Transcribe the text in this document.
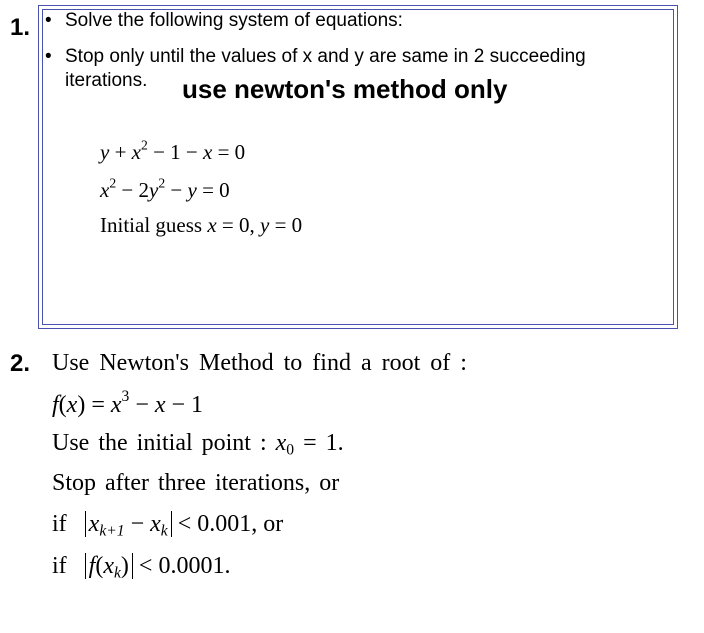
1. • Solve the following system of equations:
• Stop only until the values of x and y are same in 2 succeeding iterations.	use newton's method only
$y + x^2 - 1 - x = 0$
$x^2 - 2y^2 - y = 0$
Initial guess x = 0, y = 0
2. Use Newton's Method to find a root of :
$f(x) = x^3 - x - 1$
Use the initial point : $x_0 = 1$.
Stop after three iterations, or
if $x_{k+1} - x_k < 0.001$, or
if $f(x_k) < 0.0001$.
